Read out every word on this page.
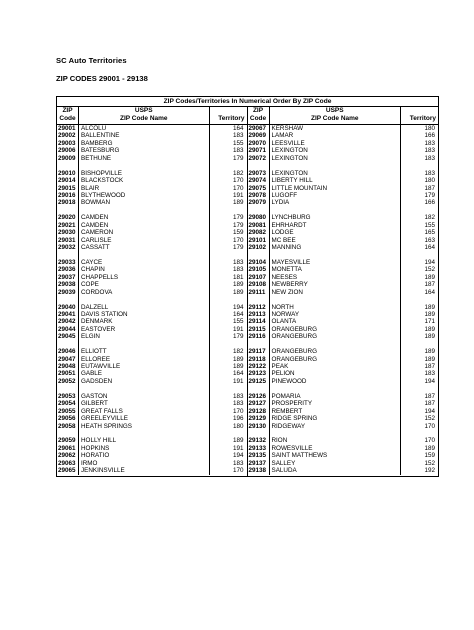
SC Auto Territories
ZIP CODES 29001 - 29138
ZIP Codes/Territories In Numerical Order By ZIP Code
ZIP
Code
USPS
ZIP Code Name	Territory
29001 ALCOLU	164
29002 BALLENTINE	183
29003 BAMBERG	155
29006 BATESBURG	183
29009 BETHUNE	179
29010 BISHOPVILLE	182
29014 BLACKSTOCK	170
29015 BLAIR	170
29016 BLYTHEWOOD	191
29018 BOWMAN	189
29020 CAMDEN	179
29021 CAMDEN	179
29030 CAMERON	159
29031 CARLISLE	170
29032 CASSATT	179
29033 CAYCE	183
29036 CHAPIN	183
29037 CHAPPELLS	181
29038 COPE	189
29039 CORDOVA	189
29040 DALZELL	194
29041 DAVIS STATION	164
29042 DENMARK	155
29044 EASTOVER	191
29045 ELGIN	179
29046 ELLIOTT	182
29047 ELLOREE	189
29048 EUTAWVILLE	189
29051 GABLE	164
29052 GADSDEN	191
29053 GASTON	183
29054 GILBERT	183
29055 GREAT FALLS	170
29056 GREELEYVILLE	196
29058 HEATH SPRINGS	180
29059 HOLLY HILL	189
29061 HOPKINS	191
29062 HORATIO	194
29063 IRMO	183
29065 JENKINSVILLE	170
ZIP
Code
USPS
ZIP Code Name	Territory
29067 KERSHAW	180
29069 LAMAR	166
29070 LEESVILLE	183
29071 LEXINGTON	183
29072 LEXINGTON	183
29073 LEXINGTON	183
29074 LIBERTY HILL	180
29075 LITTLE MOUNTAIN	187
29078 LUGOFF	179
29079 LYDIA	166
29080 LYNCHBURG	182
29081 EHRHARDT	155
29082 LODGE	165
29101 MC BEE	163
29102 MANNING	164
29104 MAYESVILLE	194
29105 MONETTA	152
29107 NEESES	189
29108 NEWBERRY	187
29111 NEW ZION	164
29112 NORTH	189
29113 NORWAY	189
29114 OLANTA	171
29115 ORANGEBURG	189
29116 ORANGEBURG	189
29117 ORANGEBURG	189
29118 ORANGEBURG	189
29122 PEAK	187
29123 PELION	183
29125 PINEWOOD	194
29126 POMARIA	187
29127 PROSPERITY	187
29128 REMBERT	194
29129 RIDGE SPRING	152
29130 RIDGEWAY	170
29132 RION	170
29133 ROWESVILLE	189
29135 SAINT MATTHEWS	159
29137 SALLEY	152
29138 SALUDA	192
